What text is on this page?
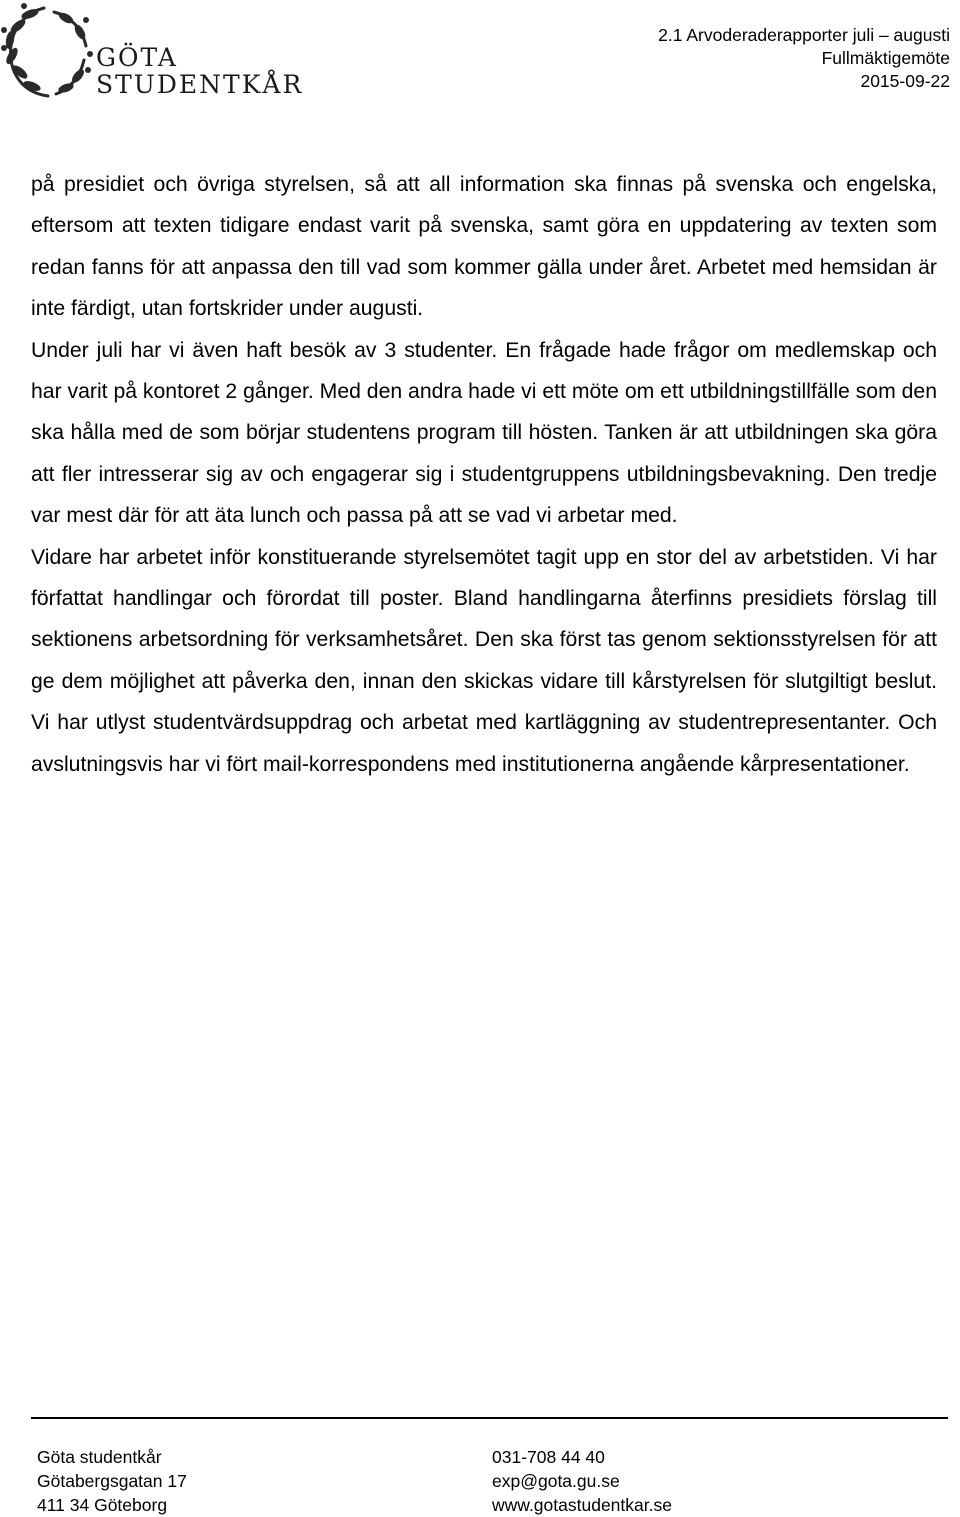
GÖTA
STUDENTKÅR
2.1 Arvoderaderapporter juli – augusti
Fullmäktigemöte
2015-09-22

på presidiet och övriga styrelsen, så att all information ska finnas på svenska och engelska, eftersom att texten tidigare endast varit på svenska, samt göra en uppdatering av texten som redan fanns för att anpassa den till vad som kommer gälla under året. Arbetet med hemsidan är inte färdigt, utan fortskrider under augusti.

Under juli har vi även haft besök av 3 studenter. En frågade hade frågor om medlemskap och har varit på kontoret 2 gånger. Med den andra hade vi ett möte om ett utbildningstillfälle som den ska hålla med de som börjar studentens program till hösten. Tanken är att utbildningen ska göra att fler intresserar sig av och engagerar sig i studentgruppens utbildningsbevakning. Den tredje var mest där för att äta lunch och passa på att se vad vi arbetar med.

Vidare har arbetet inför konstituerande styrelsemötet tagit upp en stor del av arbetstiden. Vi har författat handlingar och förordat till poster. Bland handlingarna återfinns presidiets förslag till sektionens arbetsordning för verksamhetsåret. Den ska först tas genom sektionsstyrelsen för att ge dem möjlighet att påverka den, innan den skickas vidare till kårstyrelsen för slutgiltigt beslut. Vi har utlyst studentvärdsuppdrag och arbetat med kartläggning av studentrepresentanter. Och avslutningsvis har vi fört mail-korrespondens med institutionerna angående kårpresentationer.

Göta studentkår
Götabergsgatan 17
411 34 Göteborg
031-708 44 40
exp@gota.gu.se
www.gotastudentkar.se
